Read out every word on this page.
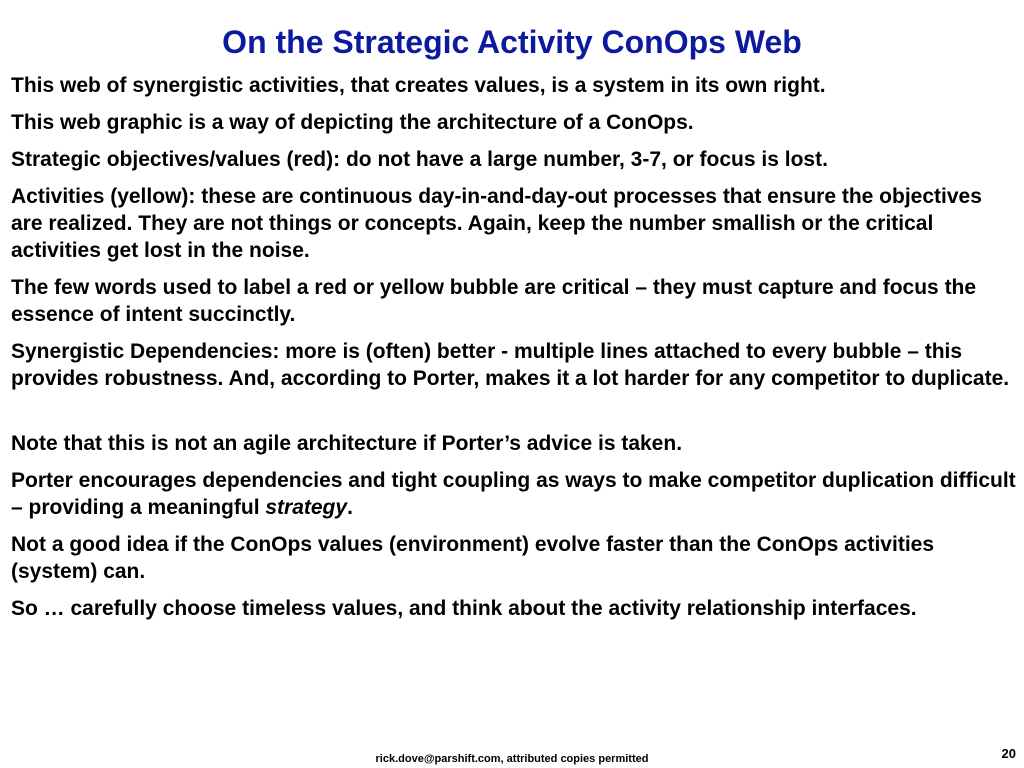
On the Strategic Activity ConOps Web

This web of synergistic activities, that creates values, is a system in its own right.

This web graphic is a way of depicting the architecture of a ConOps.

Strategic objectives/values (red): do not have a large number, 3-7, or focus is lost.

Activities (yellow): these are continuous day-in-and-day-out processes that ensure the objectives are realized. They are not things or concepts. Again, keep the number smallish or the critical activities get lost in the noise.

The few words used to label a red or yellow bubble are critical – they must capture and focus the essence of intent succinctly.

Synergistic Dependencies: more is (often) better - multiple lines attached to every bubble – this provides robustness. And, according to Porter, makes it a lot harder for any competitor to duplicate.

Note that this is not an agile architecture if Porter’s advice is taken.

Porter encourages dependencies and tight coupling as ways to make competitor duplication difficult – providing a meaningful strategy.

Not a good idea if the ConOps values (environment) evolve faster than the ConOps activities (system) can.

So … carefully choose timeless values, and think about the activity relationship interfaces.

rick.dove@parshift.com, attributed copies permitted	20
